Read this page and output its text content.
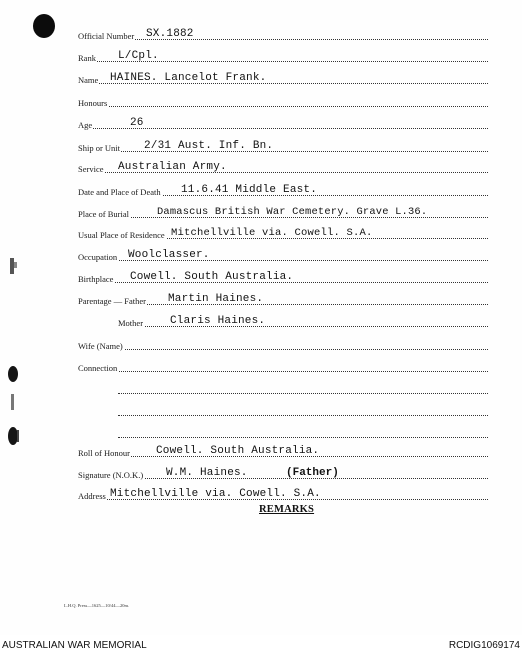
Official Number SX.1882
Rank L/Cpl.
Name HAINES. Lancelot Frank.
Honours
Age	26
Ship or Unit 2/31 Aust. Inf. Bn.
Service Australian Army.
Date and Place of Death 11.6.41 Middle East.
Place of Burial	Damascus British War Cemetery. Grave L.36.
Usual Place of Residence Mitchellville via. Cowell. S.A.
Occupation Woolclasser.
Birthplace Cowell. South Australia.
Parentage — Father Martin Haines.
Mother Claris Haines.
Wife (Name)
Connection
Roll of Honour Cowell. South Australia.
Signature (N.O.K.) W.M. Haines.	(Father)
Address Mitchellville via. Cowell. S.A.
REMARKS
L.H.Q. Press—1625—10/44—20m.
AUSTRALIAN WAR MEMORIAL	RCDIG1069174
